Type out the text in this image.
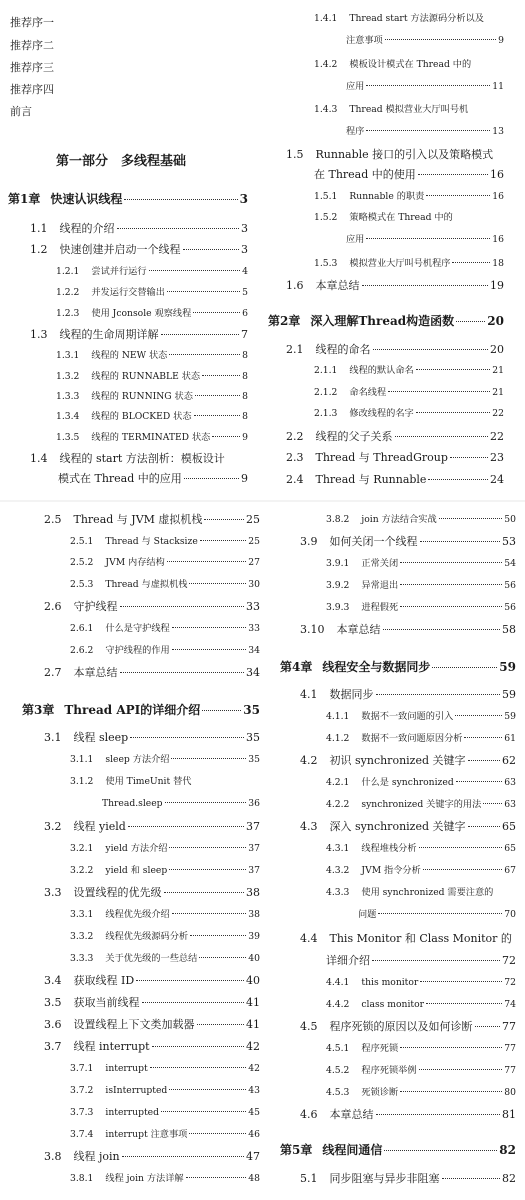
推荐序一
推荐序二
推荐序三
推荐序四
前言
第一部分　多线程基础
第1章 快速认识线程	3
1.1 线程的介绍	3
1.2 快速创建并启动一个线程	3
1.2.1 尝试并行运行	4
1.2.2 并发运行交替输出	5
1.2.3 使用 Jconsole 观察线程	6
1.3 线程的生命周期详解	7
1.3.1 线程的 NEW 状态	8
1.3.2 线程的 RUNNABLE 状态	8
1.3.3 线程的 RUNNING 状态	8
1.3.4 线程的 BLOCKED 状态	8
1.3.5 线程的 TERMINATED 状态	9
1.4 线程的 start 方法剖析：模板设计
模式在 Thread 中的应用	9
1.4.1 Thread start 方法源码分析以及
注意事项	9
1.4.2 模板设计模式在 Thread 中的
应用	11
1.4.3 Thread 模拟营业大厅叫号机
程序	13
1.5 Runnable 接口的引入以及策略模式
在 Thread 中的使用	16
1.5.1 Runnable 的职责	16
1.5.2 策略模式在 Thread 中的
应用	16
1.5.3 模拟营业大厅叫号机程序	18
1.6 本章总结	19
第2章 深入理解Thread构造函数	20
2.1 线程的命名	20
2.1.1 线程的默认命名	21
2.1.2 命名线程	21
2.1.3 修改线程的名字	22
2.2 线程的父子关系	22
2.3 Thread 与 ThreadGroup	23
2.4 Thread 与 Runnable	24
2.5 Thread 与 JVM 虚拟机栈	25
2.5.1 Thread 与 Stacksize	25
2.5.2 JVM 内存结构	27
2.5.3 Thread 与虚拟机栈	30
2.6 守护线程	33
2.6.1 什么是守护线程	33
2.6.2 守护线程的作用	34
2.7 本章总结	34
第3章 Thread API的详细介绍	35
3.1 线程 sleep	35
3.1.1 sleep 方法介绍	35
3.1.2 使用 TimeUnit 替代
Thread.sleep	36
3.2 线程 yield	37
3.2.1 yield 方法介绍	37
3.2.2 yield 和 sleep	37
3.3 设置线程的优先级	38
3.3.1 线程优先级介绍	38
3.3.2 线程优先级源码分析	39
3.3.3 关于优先级的一些总结	40
3.4 获取线程 ID	40
3.5 获取当前线程	41
3.6 设置线程上下文类加载器	41
3.7 线程 interrupt	42
3.7.1 interrupt	42
3.7.2 isInterrupted	43
3.7.3 interrupted	45
3.7.4 interrupt 注意事项	46
3.8 线程 join	47
3.8.1 线程 join 方法详解	48
3.8.2 join 方法结合实战	50
3.9 如何关闭一个线程	53
3.9.1 正常关闭	54
3.9.2 异常退出	56
3.9.3 进程假死	56
3.10 本章总结	58
第4章 线程安全与数据同步	59
4.1 数据同步	59
4.1.1 数据不一致问题的引入	59
4.1.2 数据不一致问题原因分析	61
4.2 初识 synchronized 关键字	62
4.2.1 什么是 synchronized	63
4.2.2 synchronized 关键字的用法	63
4.3 深入 synchronized 关键字	65
4.3.1 线程堆栈分析	65
4.3.2 JVM 指令分析	67
4.3.3 使用 synchronized 需要注意的
问题	70
4.4 This Monitor 和 Class Monitor 的
详细介绍	72
4.4.1 this monitor	72
4.4.2 class monitor	74
4.5 程序死锁的原因以及如何诊断	77
4.5.1 程序死锁	77
4.5.2 程序死锁举例	77
4.5.3 死锁诊断	80
4.6 本章总结	81
第5章 线程间通信	82
5.1 同步阻塞与异步非阻塞	82
